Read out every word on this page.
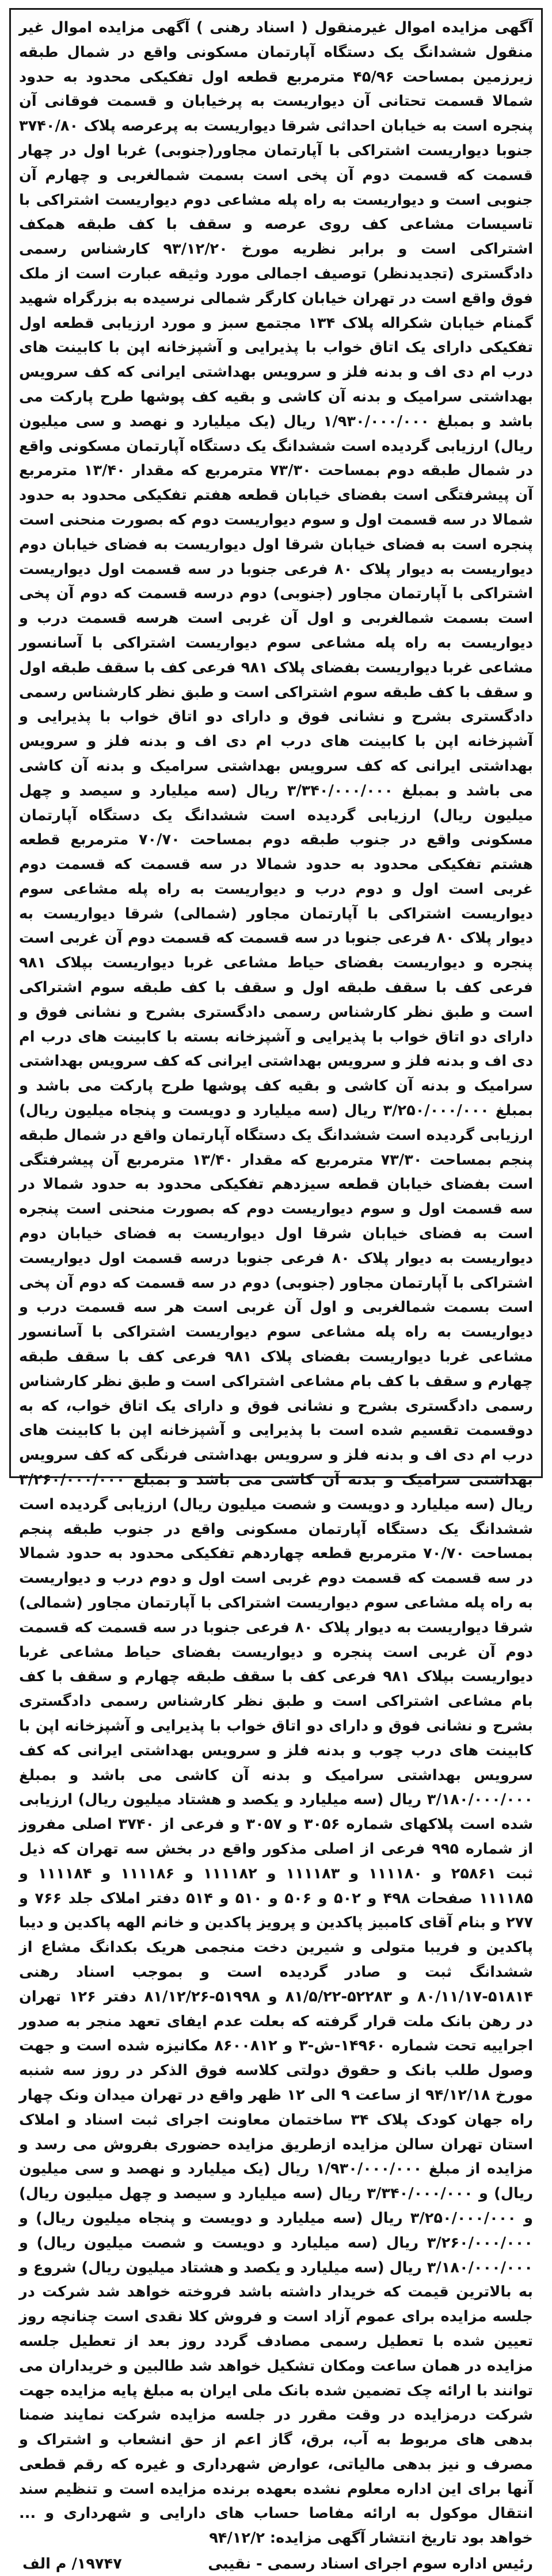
آگهی مزایده اموال غیرمنقول ( اسناد رهنی ) آگهی مزایده اموال غیر منقول ششدانگ یک دستگاه آپارتمان مسکونی واقع در شمال طبقه زیرزمین بمساحت ۴۵/۹۶ مترمربع قطعه اول تفکیکی محدود به حدود شمالا قسمت تحتانی آن دیواریست به پرخیابان و قسمت فوقانی آن پنجره است به خیابان احداثی شرقا دیواریست به پرعرصه پلاک ۳۷۴۰/۸۰ جنوبا دیواریست اشتراکی با آپارتمان مجاور(جنوبی) غربا اول در چهار قسمت که قسمت دوم آن پخی است بسمت شمالغربی و چهارم آن جنوبی است و دیواریست به راه پله مشاعی دوم دیواریست اشتراکی با تاسیسات مشاعی کف روی عرصه و سقف با کف طبقه همکف اشتراکی است و برابر نظریه مورخ ۹۳/۱۲/۲۰ کارشناس رسمی دادگستری (تجدیدنظر) توصیف اجمالی مورد وثیقه عبارت است از ملک فوق واقع است در تهران خیابان کارگر شمالی نرسیده به بزرگراه شهید گمنام خیابان شکراله پلاک ۱۳۴ مجتمع سبز و مورد ارزیابی قطعه اول تفکیکی دارای یک اتاق خواب با پذیرایی و آشپزخانه اپن با کابینت های درب ام دی اف و بدنه فلز و سرویس بهداشتی ایرانی که کف سرویس بهداشتی سرامیک و بدنه آن کاشی و بقیه کف پوشها طرح پارکت می باشد و بمبلغ ۱/۹۳۰/۰۰۰/۰۰۰ ریال (یک میلیارد و نهصد و سی میلیون ریال) ارزیابی گردیده است ششدانگ یک دستگاه آپارتمان مسکونی واقع در شمال طبقه دوم بمساحت ۷۳/۳۰ مترمربع که مقدار ۱۳/۴۰ مترمربع آن پیشرفتگی است بفضای خیابان قطعه هفتم تفکیکی محدود به حدود شمالا در سه قسمت اول و سوم دیواریست دوم که بصورت منحنی است پنجره است به فضای خیابان شرقا اول دیواریست به فضای خیابان دوم دیواریست به دیوار پلاک ۸۰ فرعی جنوبا در سه قسمت اول دیواریست اشتراکی با آپارتمان مجاور (جنوبی) دوم درسه قسمت که دوم آن پخی است بسمت شمالغربی و اول آن غربی است هرسه قسمت درب و دیواریست به راه پله مشاعی سوم دیواریست اشتراکی با آسانسور مشاعی غربا دیواریست بفضای پلاک ۹۸۱ فرعی کف با سقف طبقه اول و سقف با کف طبقه سوم اشتراکی است و طبق نظر کارشناس رسمی دادگستری بشرح و نشانی فوق و دارای دو اتاق خواب با پذیرایی و آشپزخانه اپن با کابینت های درب ام دی اف و بدنه فلز و سرویس بهداشتی ایرانی که کف سرویس بهداشتی سرامیک و بدنه آن کاشی می باشد و بمبلغ ۳/۳۴۰/۰۰۰/۰۰۰ ریال (سه میلیارد و سیصد و چهل میلیون ریال) ارزیابی گردیده است ششدانگ یک دستگاه آپارتمان مسکونی واقع در جنوب طبقه دوم بمساحت ۷۰/۷۰ مترمربع قطعه هشتم تفکیکی محدود به حدود شمالا در سه قسمت که قسمت دوم غربی است اول و دوم درب و دیواریست به راه پله مشاعی سوم دیواریست اشتراکی با آپارتمان مجاور (شمالی) شرقا دیواریست به دیوار پلاک ۸۰ فرعی جنوبا در سه قسمت که قسمت دوم آن غربی است پنجره و دیواریست بفضای حیاط مشاعی غربا دیواریست بپلاک ۹۸۱ فرعی کف با سقف طبقه اول و سقف با کف طبقه سوم اشتراکی است و طبق نظر کارشناس رسمی دادگستری بشرح و نشانی فوق و دارای دو اتاق خواب با پذیرایی و آشپزخانه بسته با کابینت های درب ام دی اف و بدنه فلز و سرویس بهداشتی ایرانی که کف سرویس بهداشتی سرامیک و بدنه آن کاشی و بقیه کف پوشها طرح پارکت می باشد و بمبلغ ۳/۲۵۰/۰۰۰/۰۰۰ ریال (سه میلیارد و دویست و پنجاه میلیون ریال) ارزیابی گردیده است ششدانگ یک دستگاه آپارتمان واقع در شمال طبقه پنجم بمساحت ۷۳/۳۰ مترمربع که مقدار ۱۳/۴۰ مترمربع آن پیشرفتگی است بفضای خیابان قطعه سیزدهم تفکیکی محدود به حدود شمالا در سه قسمت اول و سوم دیواریست دوم که بصورت منحنی است پنجره است به فضای خیابان شرقا اول دیواریست به فضای خیابان دوم دیواریست به دیوار پلاک ۸۰ فرعی جنوبا درسه قسمت اول دیواریست اشتراکی با آپارتمان مجاور (جنوبی) دوم در سه قسمت که دوم آن پخی است بسمت شمالغربی و اول آن غربی است هر سه قسمت درب و دیواریست به راه پله مشاعی سوم دیواریست اشتراکی با آسانسور مشاعی غربا دیواریست بفضای پلاک ۹۸۱ فرعی کف با سقف طبقه چهارم و سقف با کف بام مشاعی اشتراکی است و طبق نظر کارشناس رسمی دادگستری بشرح و نشانی فوق و دارای یک اتاق خواب، که به دوقسمت تقسیم شده است با پذیرایی و آشپزخانه اپن با کابینت های درب ام دی اف و بدنه فلز و سرویس بهداشتی فرنگی که کف سرویس بهداشتی سرامیک و بدنه آن کاشی می باشد و بمبلغ ۳/۲۶۰/۰۰۰/۰۰۰ ریال (سه میلیارد و دویست و شصت میلیون ریال) ارزیابی گردیده است ششدانگ یک دستگاه آپارتمان مسکونی واقع در جنوب طبقه پنجم بمساحت ۷۰/۷۰ مترمربع قطعه چهاردهم تفکیکی محدود به حدود شمالا در سه قسمت که قسمت دوم غربی است اول و دوم درب و دیواریست به راه پله مشاعی سوم دیواریست اشتراکی با آپارتمان مجاور (شمالی) شرقا دیواریست به دیوار پلاک ۸۰ فرعی جنوبا در سه قسمت که قسمت دوم آن غربی است پنجره و دیواریست بفضای حیاط مشاعی غربا دیواریست بپلاک ۹۸۱ فرعی کف با سقف طبقه چهارم و سقف با کف بام مشاعی اشتراکی است و طبق نظر کارشناس رسمی دادگستری بشرح و نشانی فوق و دارای دو اتاق خواب با پذیرایی و آشپزخانه اپن با کابینت های درب چوب و بدنه فلز و سرویس بهداشتی ایرانی که کف سرویس بهداشتی سرامیک و بدنه آن کاشی می باشد و بمبلغ ۳/۱۸۰/۰۰۰/۰۰۰ ریال (سه میلیارد و یکصد و هشتاد میلیون ریال) ارزیابی شده است پلاکهای شماره ۳۰۵۶ و ۳۰۵۷ و فرعی از ۳۷۴۰ اصلی مفروز از شماره ۹۹۵ فرعی از اصلی مذکور واقع در بخش سه تهران که ذیل ثبت ۲۵۸۶۱ و ۱۱۱۱۸۰ و ۱۱۱۱۸۳ و ۱۱۱۱۸۲ و ۱۱۱۱۸۶ و ۱۱۱۱۸۴ و ۱۱۱۱۸۵ صفحات ۴۹۸ و ۵۰۲ و ۵۰۶ و ۵۱۰ و ۵۱۴ دفتر املاک جلد ۷۶۶ و ۲۷۷ و بنام آقای کامبیز پاکدین و پرویز پاکدین و خانم الهه پاکدین و دیبا پاکدین و فریبا متولی و شیرین دخت منجمی هریک بکدانگ مشاع از ششدانگ ثبت و صادر گردیده است و بموجب اسناد رهنی ۵۱۸۱۴-۸۰/۱۱/۱۷ و ۵۲۲۸۳-۸۱/۵/۲۲ و ۵۱۹۹۸-۸۱/۱۲/۲۶ دفتر ۱۲۶ تهران در رهن بانک ملت قرار گرفته که بعلت عدم ایفای تعهد منجر به صدور اجراییه تحت شماره ۱۴۹۶۰-ش-۳ و ۸۶۰۰۸۱۲ مکانیزه شده است و جهت وصول طلب بانک و حقوق دولتی کلاسه فوق الذکر در روز سه شنبه مورخ ۹۴/۱۲/۱۸ از ساعت ۹ الی ۱۲ ظهر واقع در تهران میدان ونک چهار راه جهان کودک پلاک ۳۴ ساختمان معاونت اجرای ثبت اسناد و املاک استان تهران سالن مزایده ازطریق مزایده حضوری بفروش می رسد و مزایده از مبلغ ۱/۹۳۰/۰۰۰/۰۰۰ ریال (یک میلیارد و نهصد و سی میلیون ریال) و ۳/۳۴۰/۰۰۰/۰۰۰ ریال (سه میلیارد و سیصد و چهل میلیون ریال) و ۳/۲۵۰/۰۰۰/۰۰۰ ریال (سه میلیارد و دویست و پنجاه میلیون ریال) و ۳/۲۶۰/۰۰۰/۰۰۰ ریال (سه میلیارد و دویست و شصت میلیون ریال) و ۳/۱۸۰/۰۰۰/۰۰۰ ریال (سه میلیارد و یکصد و هشتاد میلیون ریال) شروع و به بالاترین قیمت که خریدار داشته باشد فروخته خواهد شد شرکت در جلسه مزایده برای عموم آزاد است و فروش کلا نقدی است چنانچه روز تعیین شده با تعطیل رسمی مصادف گردد روز بعد از تعطیل جلسه مزایده در همان ساعت ومکان تشکیل خواهد شد طالبین و خریداران می توانند با ارائه چک تضمین شده بانک ملی ایران به مبلغ پایه مزایده جهت شرکت درمزایده در وقت مقرر در جلسه مزایده شرکت نمایند ضمنا بدهی های مربوط به آب، برق، گاز اعم از حق انشعاب و اشتراک و مصرف و نیز بدهی مالیاتی، عوارض شهرداری و غیره که رقم قطعی آنها برای این اداره معلوم نشده بعهده برنده مزایده است و تنظیم سند انتقال موکول به ارائه مفاصا حساب های دارایی و شهرداری و ... خواهد بود تاریخ انتشار آگهی مزایده: ۹۴/۱۲/۲

رئیس اداره سوم اجرای اسناد رسمی - نقیبی
۱۹۷۴۷/ م الف
